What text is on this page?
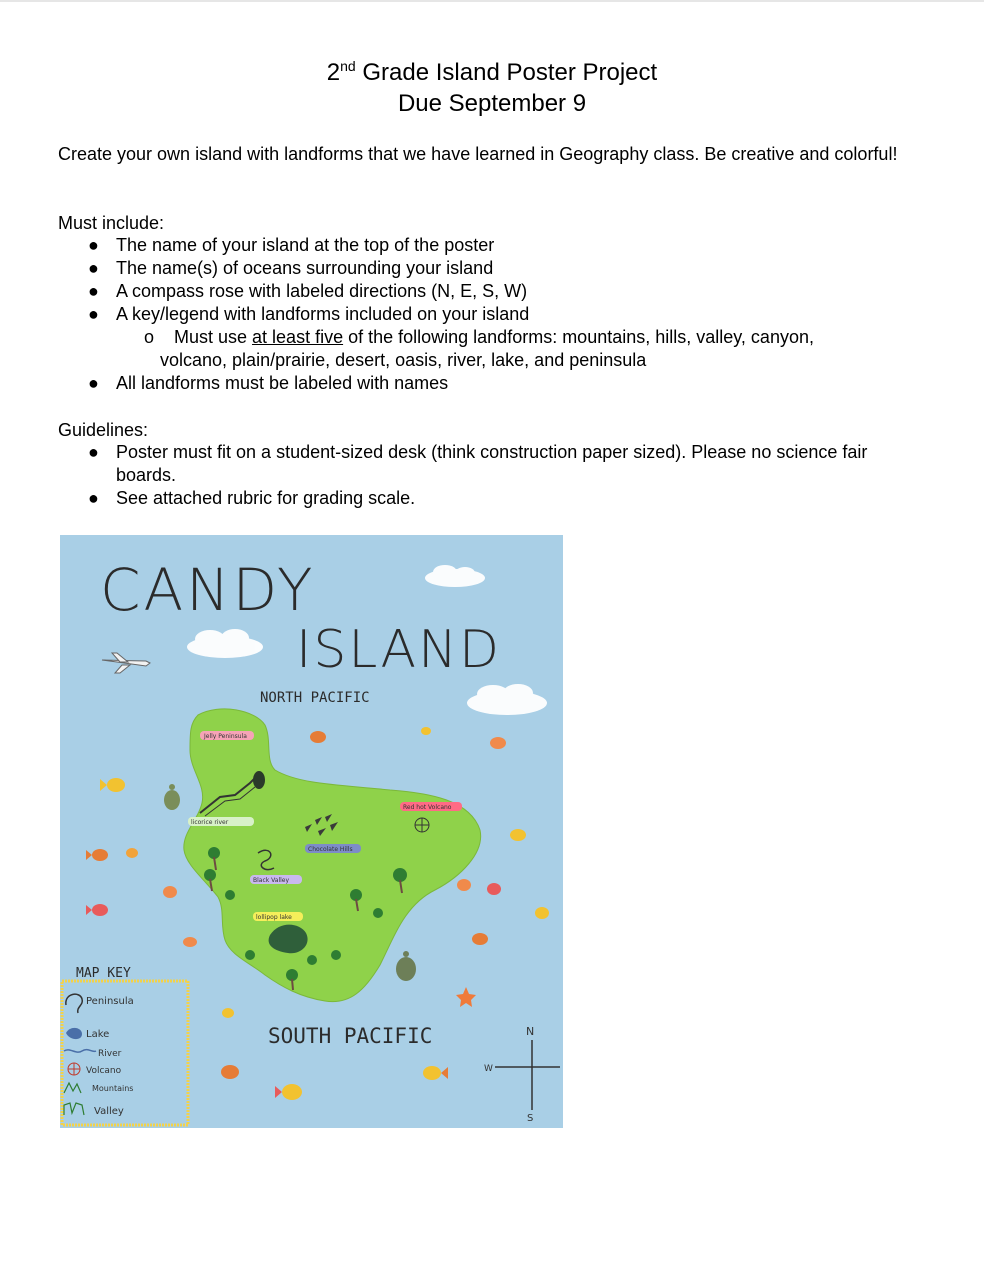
2nd Grade Island Poster Project
Due September 9
Create your own island with landforms that we have learned in Geography class. Be creative and colorful!
Must include:
● The name of your island at the top of the poster
● The name(s) of oceans surrounding your island
● A compass rose with labeled directions (N, E, S, W)
● A key/legend with landforms included on your island
o Must use at least five of the following landforms: mountains, hills, valley, canyon,
volcano, plain/prairie, desert, oasis, river, lake, and peninsula
● All landforms must be labeled with names
Guidelines:
● Poster must fit on a student-sized desk (think construction paper sized). Please no science fair
boards.
● See attached rubric for grading scale.
CANDY
ISLAND
NORTH PACIFIC
SOUTH PACIFIC
Jelly Peninsula
licorice river
Red hot Volcano
Chocolate Hills
Black Valley
lollipop lake
MAP KEY
Peninsula
Lake
River
Volcano
Mountains
Valley
N
W
S
